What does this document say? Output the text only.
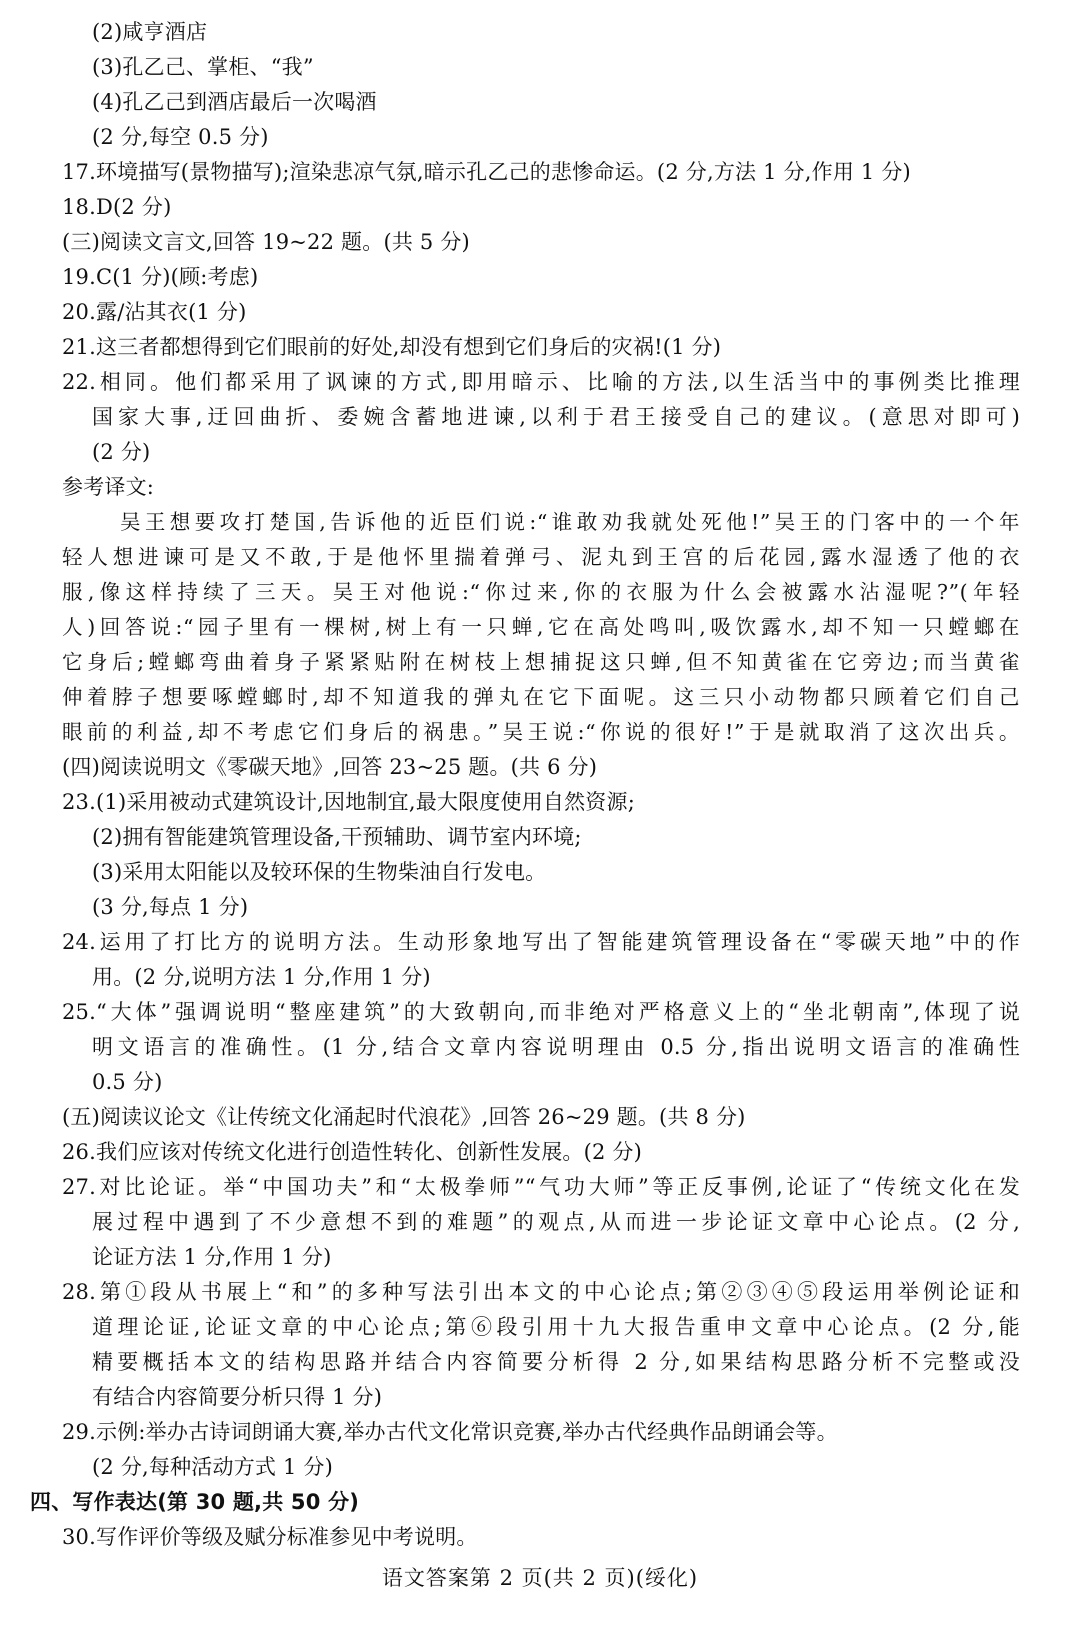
(2)咸亨酒店
(3)孔乙己、掌柜、“我”
(4)孔乙己到酒店最后一次喝酒
(2 分,每空 0.5 分)
17.环境描写(景物描写);渲染悲凉气氛,暗示孔乙己的悲惨命运。(2 分,方法 1 分,作用 1 分)
18.D(2 分)
(三)阅读文言文,回答 19~22 题。(共 5 分)
19.C(1 分)(顾:考虑)
20.露/沾其衣(1 分)
21.这三者都想得到它们眼前的好处,却没有想到它们身后的灾祸!(1 分)
22.相同。他们都采用了讽谏的方式,即用暗示、比喻的方法,以生活当中的事例类比推理
国家大事,迂回曲折、委婉含蓄地进谏,以利于君王接受自己的建议。(意思对即可)
(2 分)
参考译文:
吴王想要攻打楚国,告诉他的近臣们说:“谁敢劝我就处死他!”吴王的门客中的一个年
轻人想进谏可是又不敢,于是他怀里揣着弹弓、泥丸到王宫的后花园,露水湿透了他的衣
服,像这样持续了三天。吴王对他说:“你过来,你的衣服为什么会被露水沾湿呢?”(年轻
人)回答说:“园子里有一棵树,树上有一只蝉,它在高处鸣叫,吸饮露水,却不知一只螳螂在
它身后;螳螂弯曲着身子紧紧贴附在树枝上想捕捉这只蝉,但不知黄雀在它旁边;而当黄雀
伸着脖子想要啄螳螂时,却不知道我的弹丸在它下面呢。这三只小动物都只顾着它们自己
眼前的利益,却不考虑它们身后的祸患。”吴王说:“你说的很好!”于是就取消了这次出兵。
(四)阅读说明文《零碳天地》,回答 23~25 题。(共 6 分)
23.(1)采用被动式建筑设计,因地制宜,最大限度使用自然资源;
(2)拥有智能建筑管理设备,干预辅助、调节室内环境;
(3)采用太阳能以及较环保的生物柴油自行发电。
(3 分,每点 1 分)
24.运用了打比方的说明方法。生动形象地写出了智能建筑管理设备在“零碳天地”中的作
用。(2 分,说明方法 1 分,作用 1 分)
25.“大体”强调说明“整座建筑”的大致朝向,而非绝对严格意义上的“坐北朝南”,体现了说
明文语言的准确性。(1 分,结合文章内容说明理由 0.5 分,指出说明文语言的准确性
0.5 分)
(五)阅读议论文《让传统文化涌起时代浪花》,回答 26~29 题。(共 8 分)
26.我们应该对传统文化进行创造性转化、创新性发展。(2 分)
27.对比论证。举“中国功夫”和“太极拳师”“气功大师”等正反事例,论证了“传统文化在发
展过程中遇到了不少意想不到的难题”的观点,从而进一步论证文章中心论点。(2 分,
论证方法 1 分,作用 1 分)
28.第①段从书展上“和”的多种写法引出本文的中心论点;第②③④⑤段运用举例论证和
道理论证,论证文章的中心论点;第⑥段引用十九大报告重申文章中心论点。(2 分,能
精要概括本文的结构思路并结合内容简要分析得 2 分,如果结构思路分析不完整或没
有结合内容简要分析只得 1 分)
29.示例:举办古诗词朗诵大赛,举办古代文化常识竞赛,举办古代经典作品朗诵会等。
(2 分,每种活动方式 1 分)
四、写作表达(第 30 题,共 50 分)
30.写作评价等级及赋分标准参见中考说明。
语文答案第 2 页(共 2 页)(绥化)
